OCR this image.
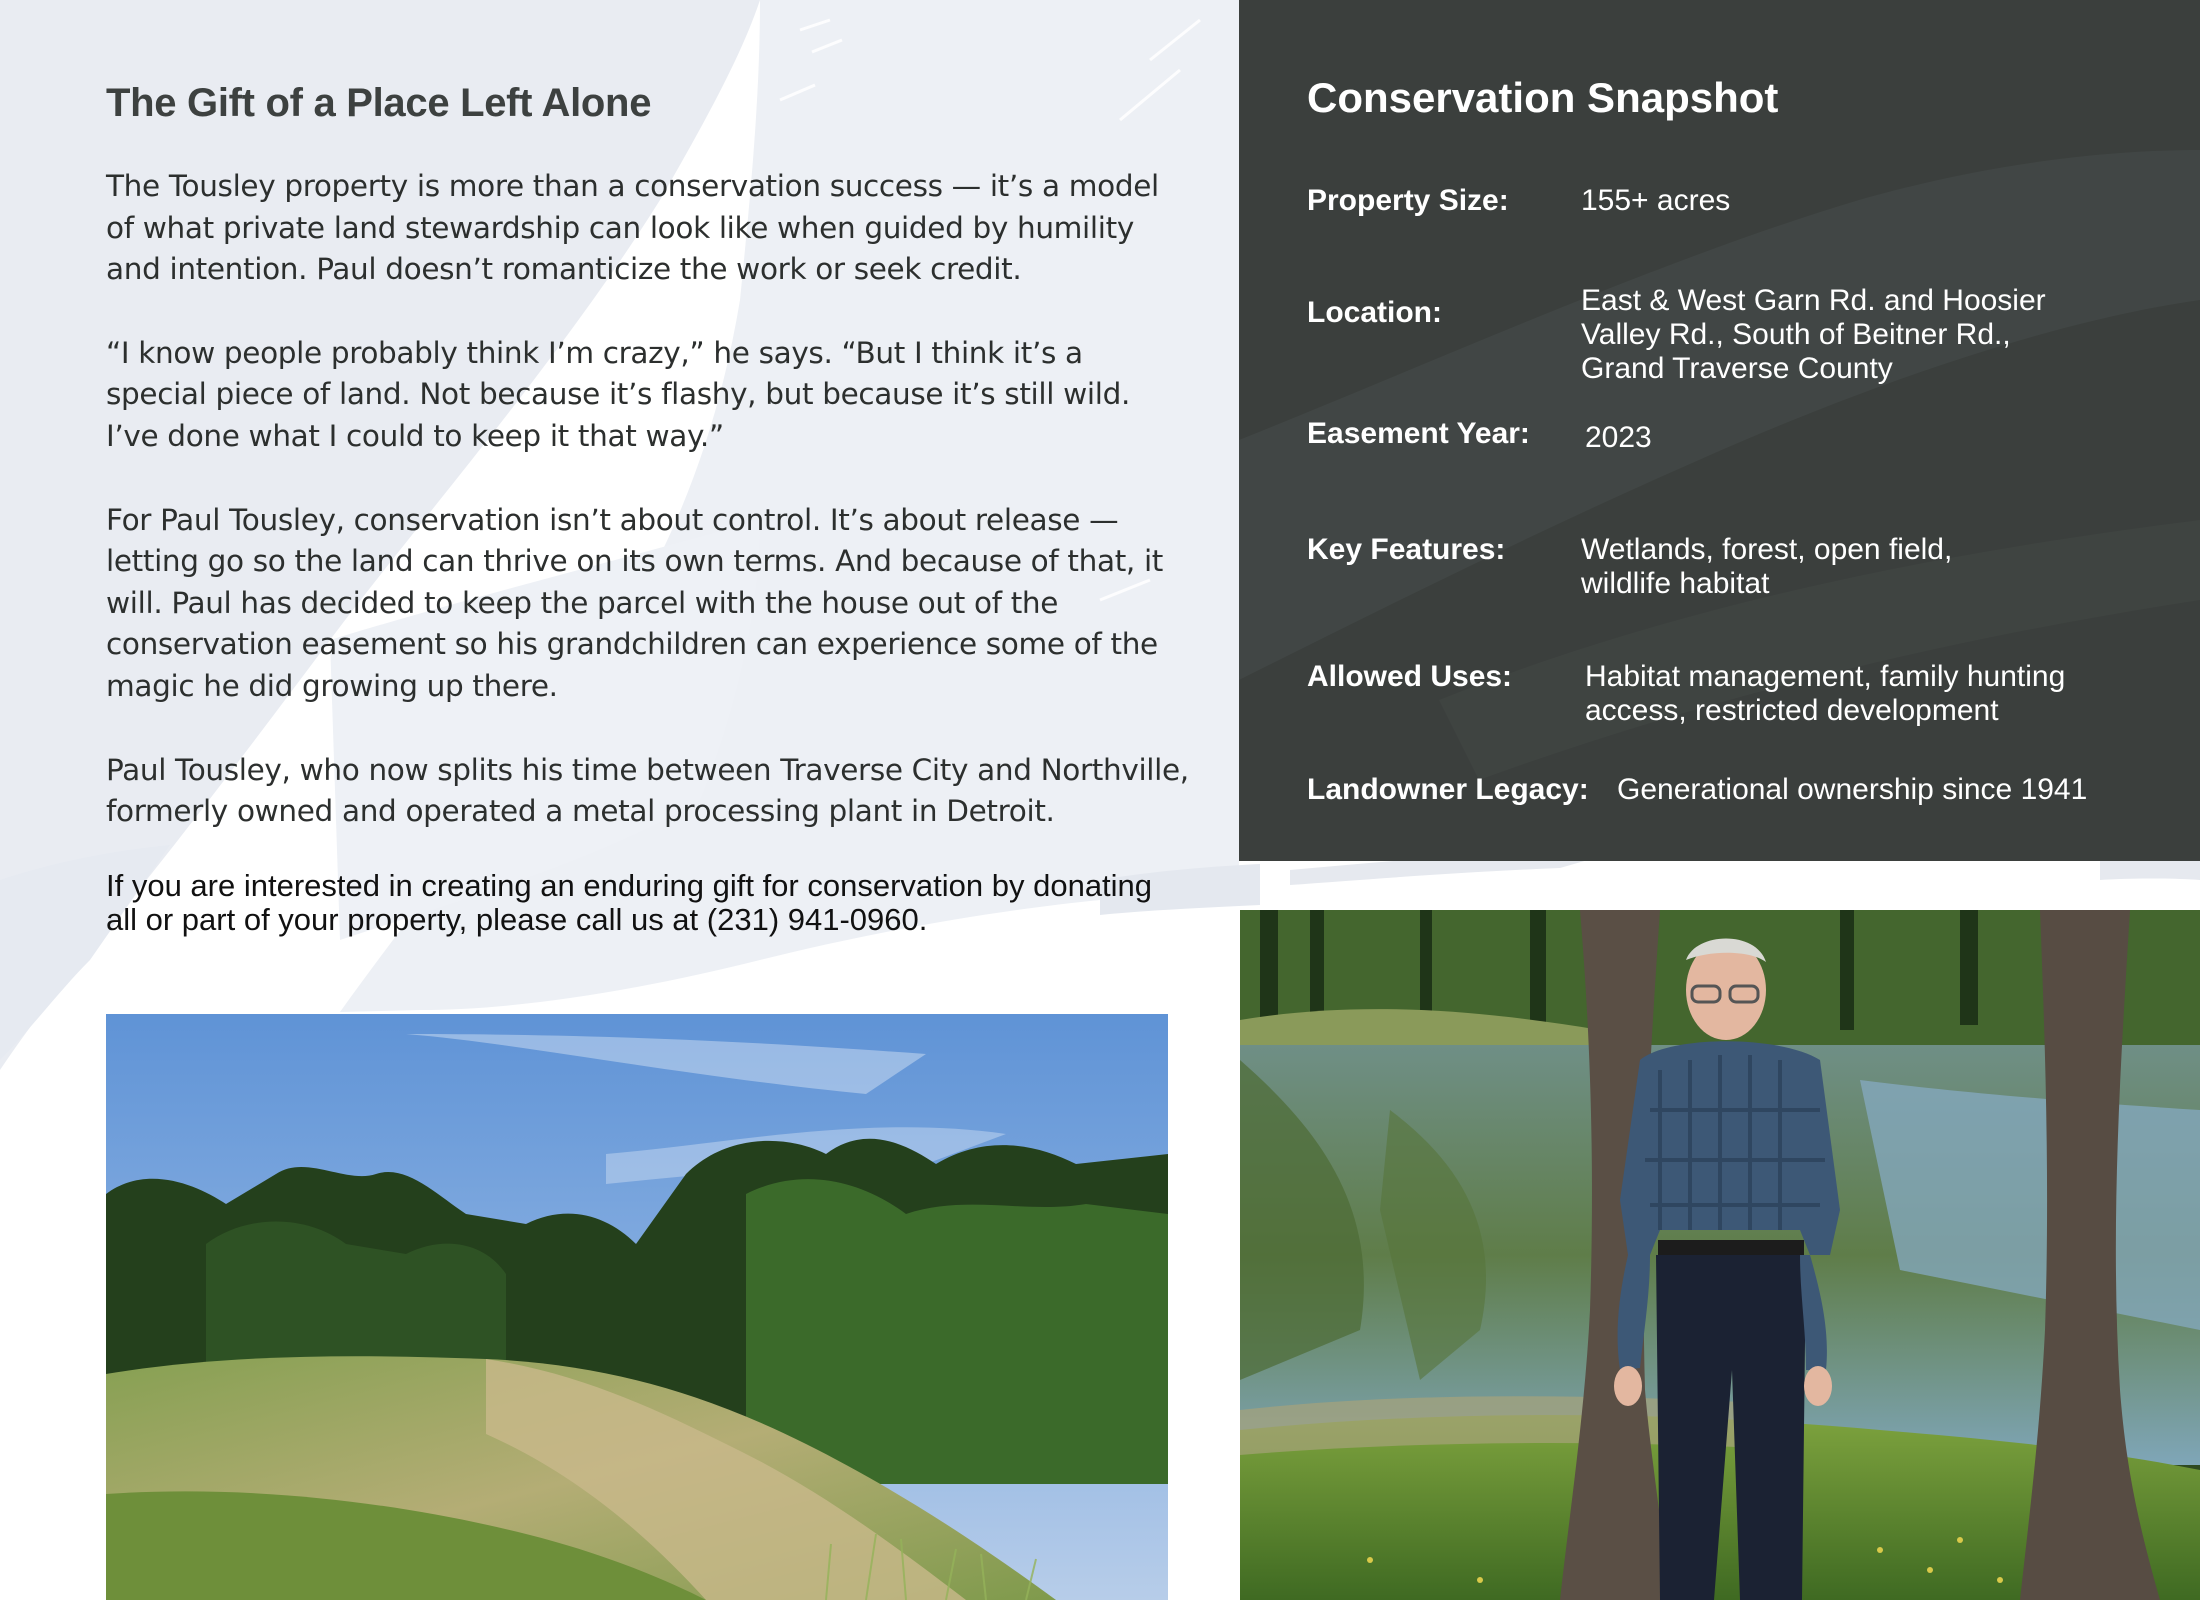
The Gift of a Place Left Alone

The Tousley property is more than a conservation success — it’s a model of what private land stewardship can look like when guided by humility and intention. Paul doesn’t romanticize the work or seek credit.

“I know people probably think I’m crazy,” he says. “But I think it’s a special piece of land. Not because it’s flashy, but because it’s still wild. I’ve done what I could to keep it that way.”

For Paul Tousley, conservation isn’t about control. It’s about release — letting go so the land can thrive on its own terms. And because of that, it will. Paul has decided to keep the parcel with the house out of the conservation easement so his grandchildren can experience some of the magic he did growing up there.

Paul Tousley, who now splits his time between Traverse City and Northville, formerly owned and operated a metal processing plant in Detroit.

If you are interested in creating an enduring gift for conservation by donating all or part of your property, please call us at (231) 941-0960.

Conservation Snapshot
Property Size: 155+ acres
Location:	East & West Garn Rd. and Hoosier
Valley Rd., South of Beitner Rd.,
Grand Traverse County
Easement Year: 2023
Key Features:	Wetlands, forest, open field,
wildlife habitat
Allowed Uses: Habitat management, family hunting
access, restricted development
Landowner Legacy: Generational ownership since 1941
